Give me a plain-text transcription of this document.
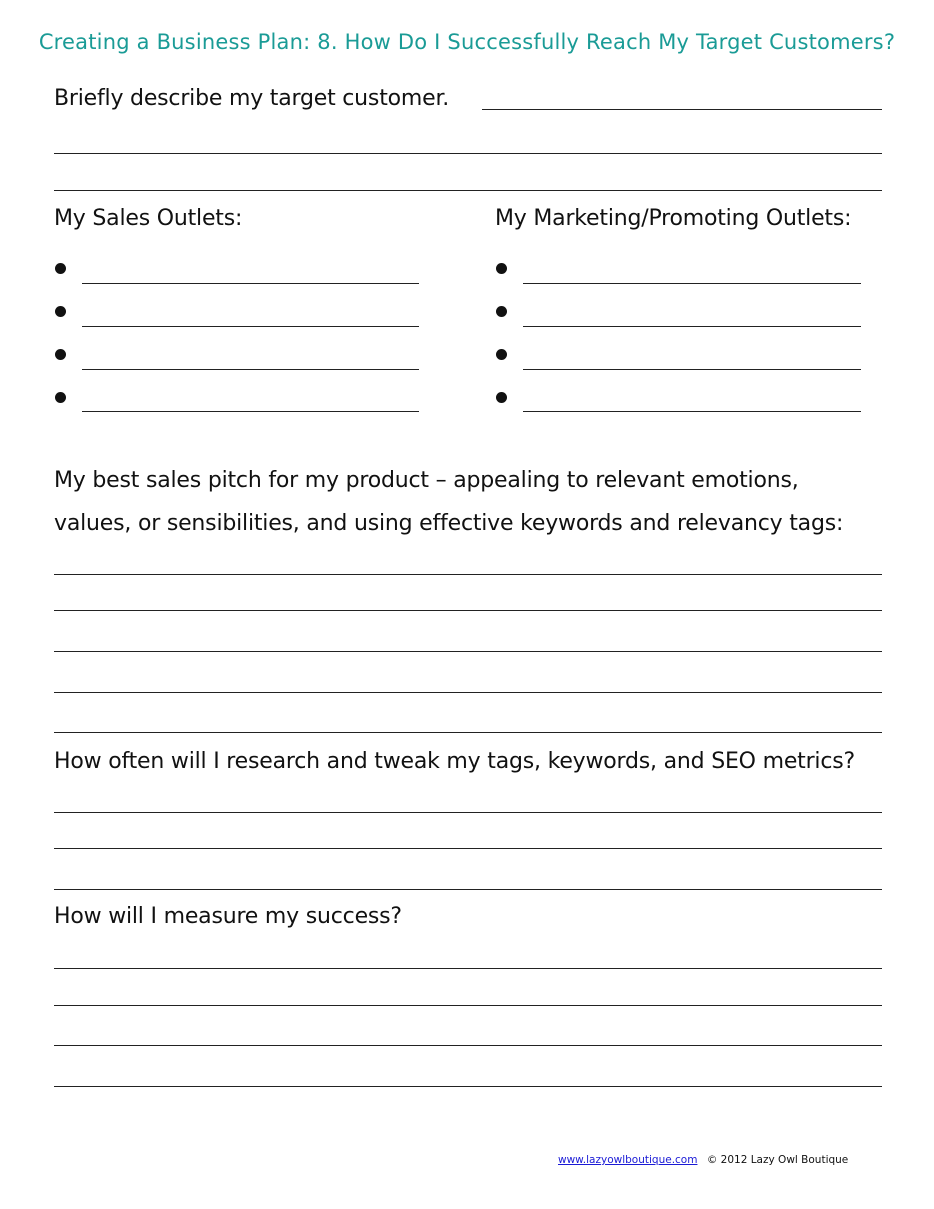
Creating a Business Plan: 8. How Do I Successfully Reach My Target Customers?
Briefly describe my target customer.
My Sales Outlets:	My Marketing/Promoting Outlets:
My best sales pitch for my product – appealing to relevant emotions,
values, or sensibilities, and using effective keywords and relevancy tags:
How often will I research and tweak my tags, keywords, and SEO metrics?
How will I measure my success?
www.lazyowlboutique.com © 2012 Lazy Owl Boutique
